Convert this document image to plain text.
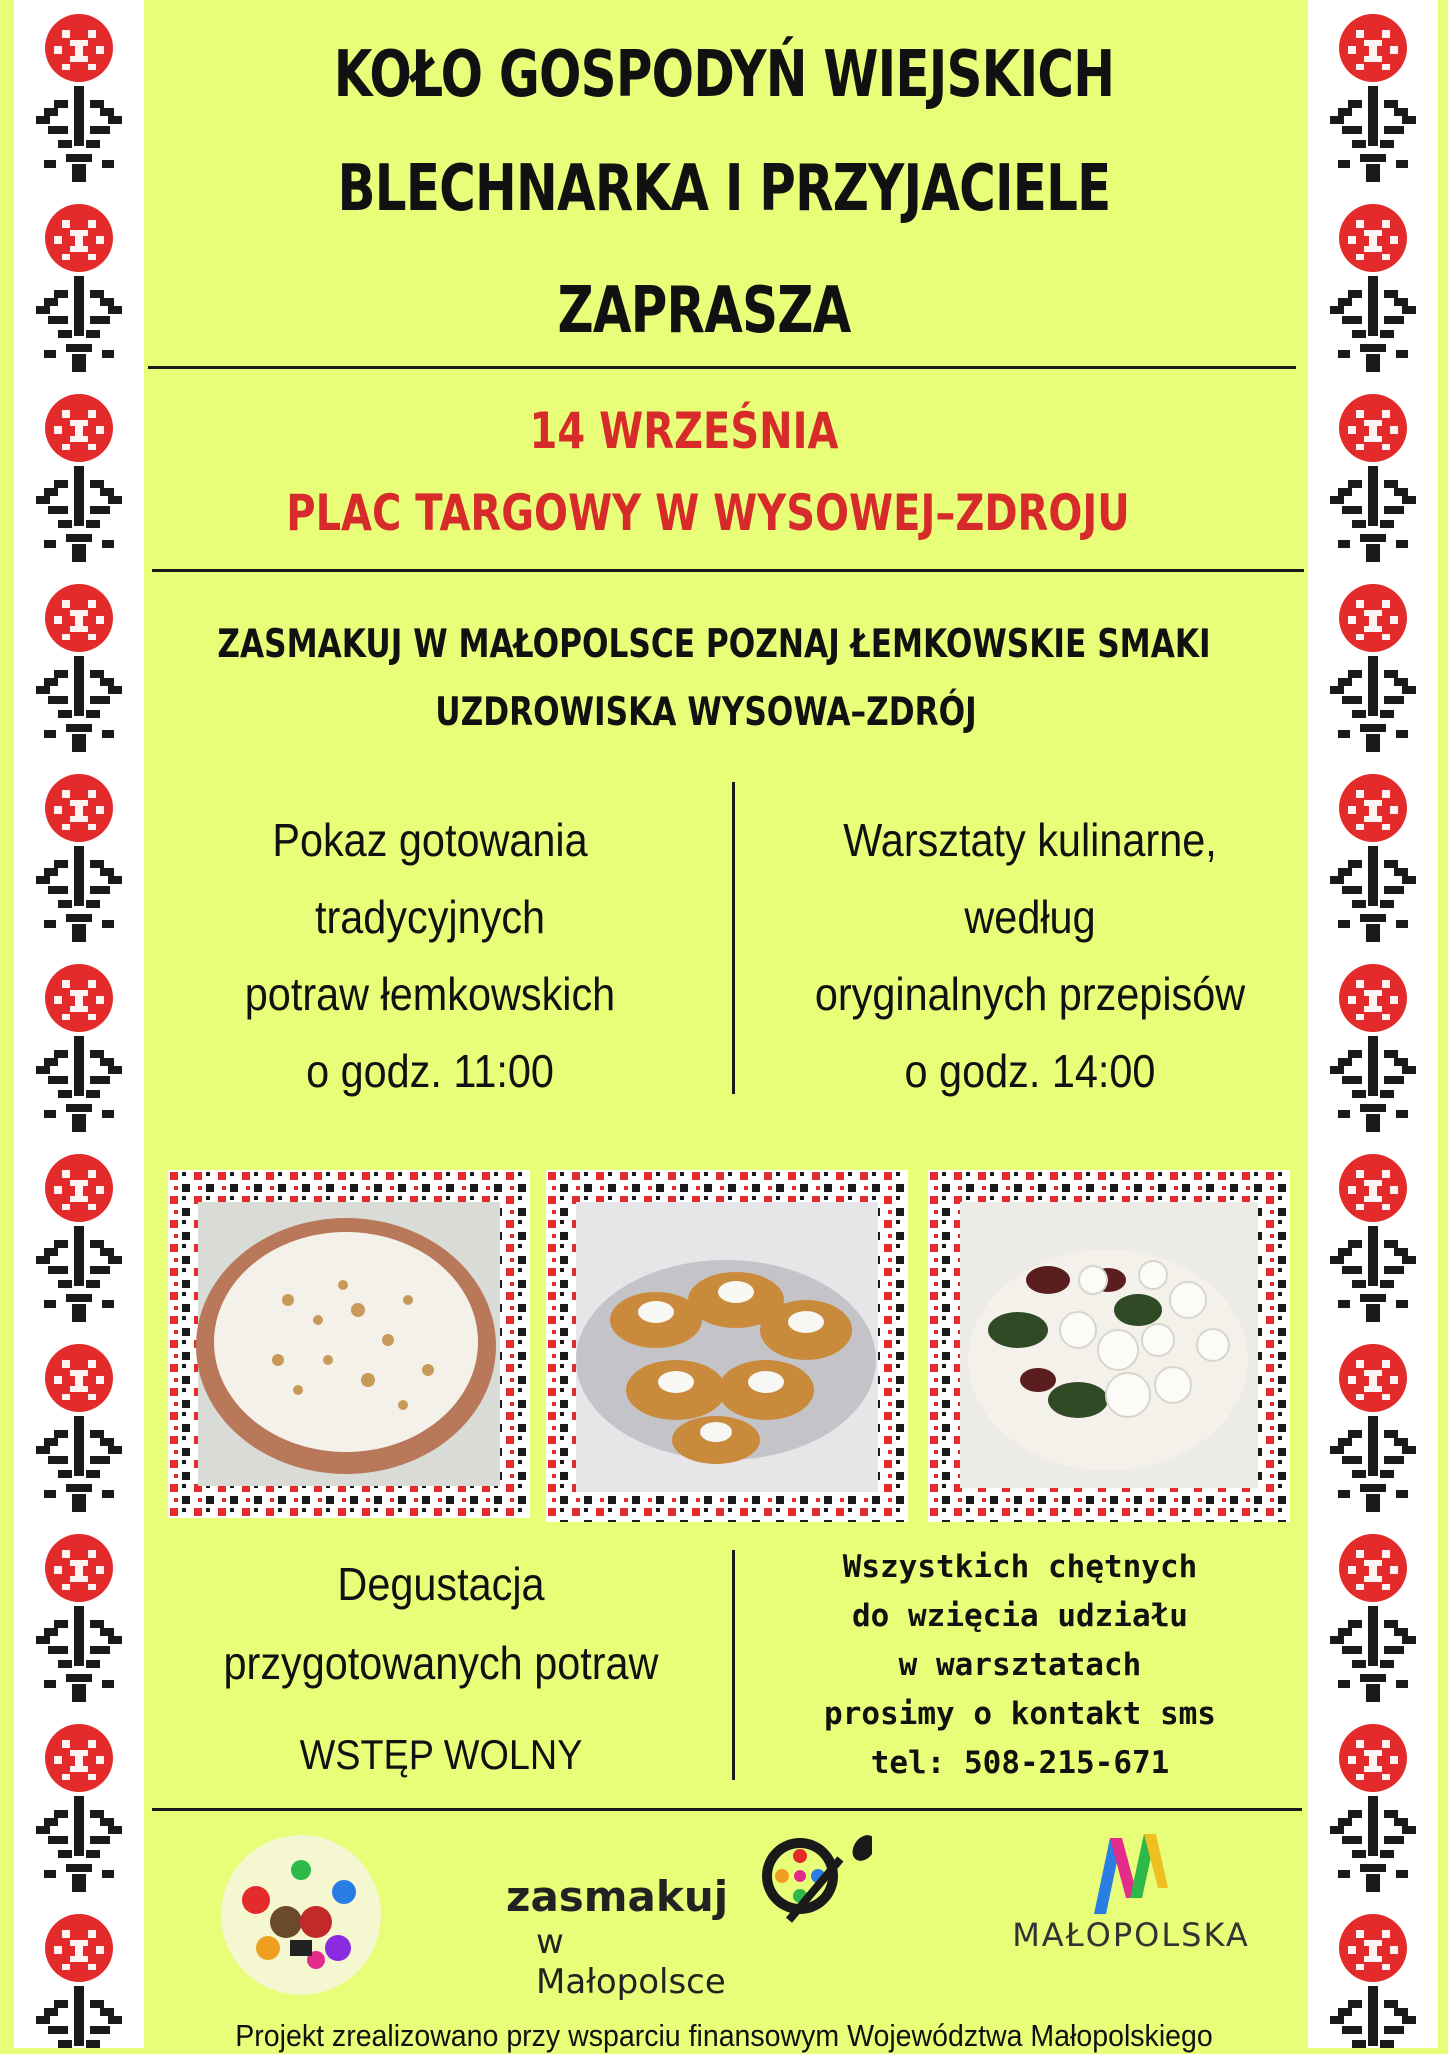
KOŁO GOSPODYŃ WIEJSKICH

BLECHNARKA I PRZYJACIELE

ZAPRASZA

14 WRZEŚNIA

PLAC TARGOWY W WYSOWEJ–ZDROJU

ZASMAKUJ W MAŁOPOLSCE POZNAJ ŁEMKOWSKIE SMAKI

UZDROWISKA WYSOWA–ZDRÓJ

Pokaz gotowania
tradycyjnych
potraw łemkowskich
o godz. 11:00
Warsztaty kulinarne,
według
oryginalnych przepisów
o godz. 14:00
Degustacja
przygotowanych potraw
WSTĘP WOLNY
Wszystkich chętnych
do wzięcia udziału
w warsztatach
prosimy o kontakt sms
tel: 508-215-671
zasmakuj
w Małopolsce
MAŁOPOLSKA

Projekt zrealizowano przy wsparciu finansowym Województwa Małopolskiego
